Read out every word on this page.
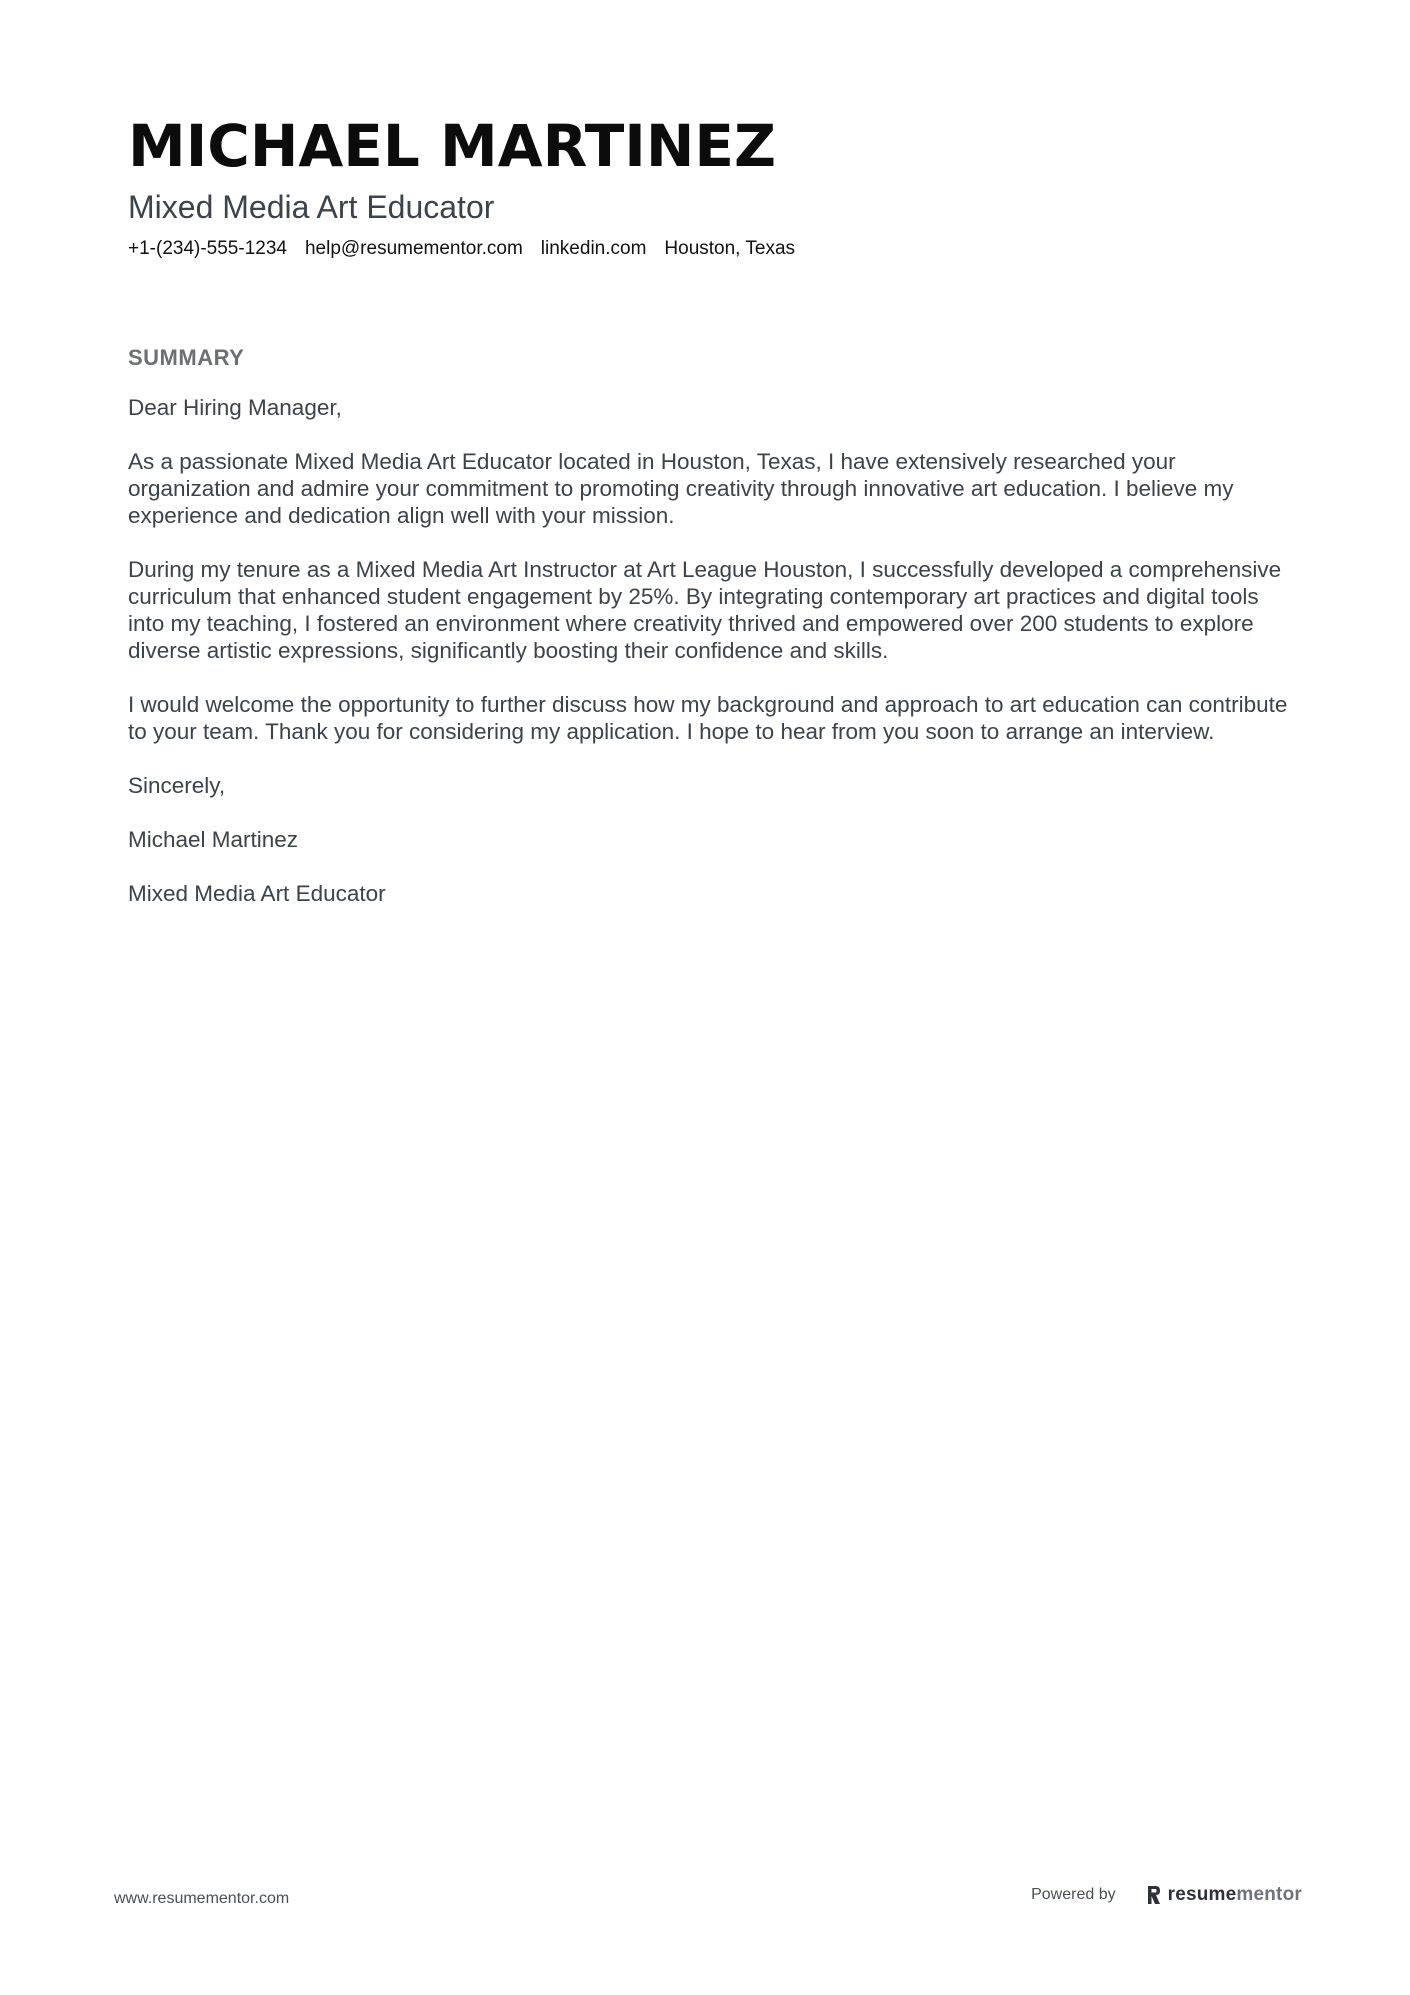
MICHAEL MARTINEZ
Mixed Media Art Educator
+1-(234)-555-1234 help@resumementor.com linkedin.com Houston, Texas
SUMMARY

Dear Hiring Manager,

As a passionate Mixed Media Art Educator located in Houston, Texas, I have extensively researched your organization and admire your commitment to promoting creativity through innovative art education. I believe my experience and dedication align well with your mission.

During my tenure as a Mixed Media Art Instructor at Art League Houston, I successfully developed a comprehensive curriculum that enhanced student engagement by 25%. By integrating contemporary art practices and digital tools into my teaching, I fostered an environment where creativity thrived and empowered over 200 students to explore diverse artistic expressions, significantly boosting their confidence and skills.

I would welcome the opportunity to further discuss how my background and approach to art education can contribute to your team. Thank you for considering my application. I hope to hear from you soon to arrange an interview.

Sincerely,

Michael Martinez

Mixed Media Art Educator

www.resumementor.com	Powered by	resumementor
